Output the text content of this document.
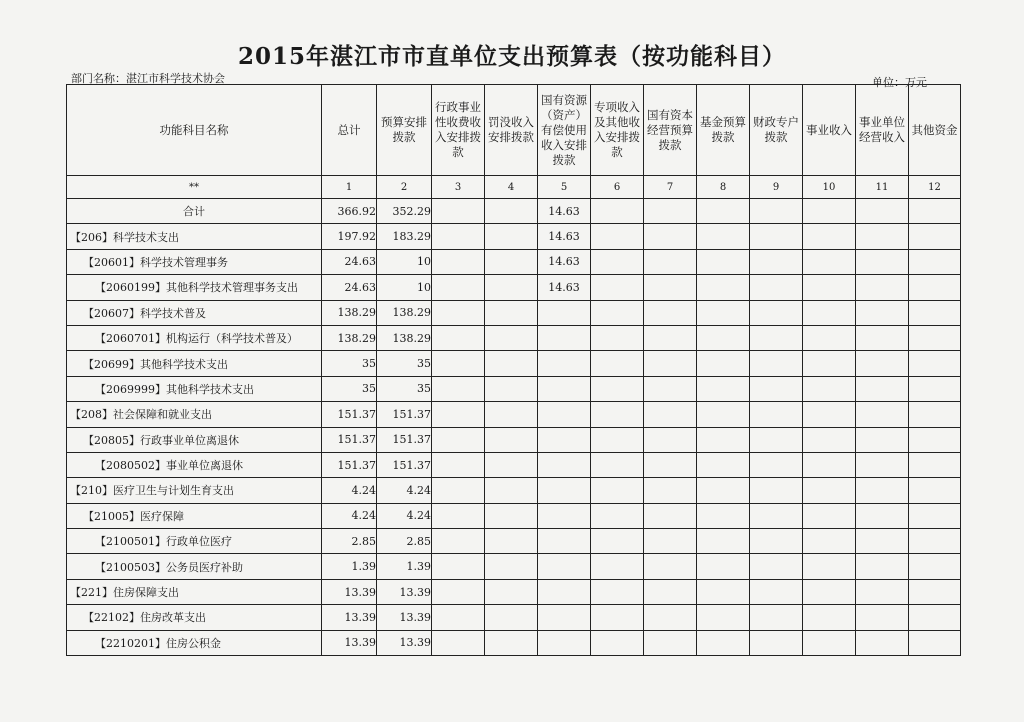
2015年湛江市市直单位支出预算表（按功能科目）
部门名称：湛江市科学技术协会	单位：万元
功能科目名称	总计	预算安排拨款	行政事业性收费收入安排拨款	罚没收入安排拨款	国有资源（资产）有偿使用收入安排拨款	专项收入及其他收入安排拨款	国有资本经营预算拨款	基金预算拨款	财政专户拨款	事业收入	事业单位经营收入	其他资金
**	1	2	3	4	5	6	7	8	9	10	11	12
合计	366.92	352.29			14.63							
【206】科学技术支出	197.92	183.29			14.63							
【20601】科学技术管理事务	24.63	10			14.63							
【2060199】其他科学技术管理事务支出	24.63	10			14.63							
【20607】科学技术普及	138.29	138.29										
【2060701】机构运行（科学技术普及）	138.29	138.29										
【20699】其他科学技术支出	35	35										
【2069999】其他科学技术支出	35	35										
【208】社会保障和就业支出	151.37	151.37										
【20805】行政事业单位离退休	151.37	151.37										
【2080502】事业单位离退休	151.37	151.37										
【210】医疗卫生与计划生育支出	4.24	4.24										
【21005】医疗保障	4.24	4.24										
【2100501】行政单位医疗	2.85	2.85										
【2100503】公务员医疗补助	1.39	1.39										
【221】住房保障支出	13.39	13.39										
【22102】住房改革支出	13.39	13.39										
【2210201】住房公积金	13.39	13.39										
